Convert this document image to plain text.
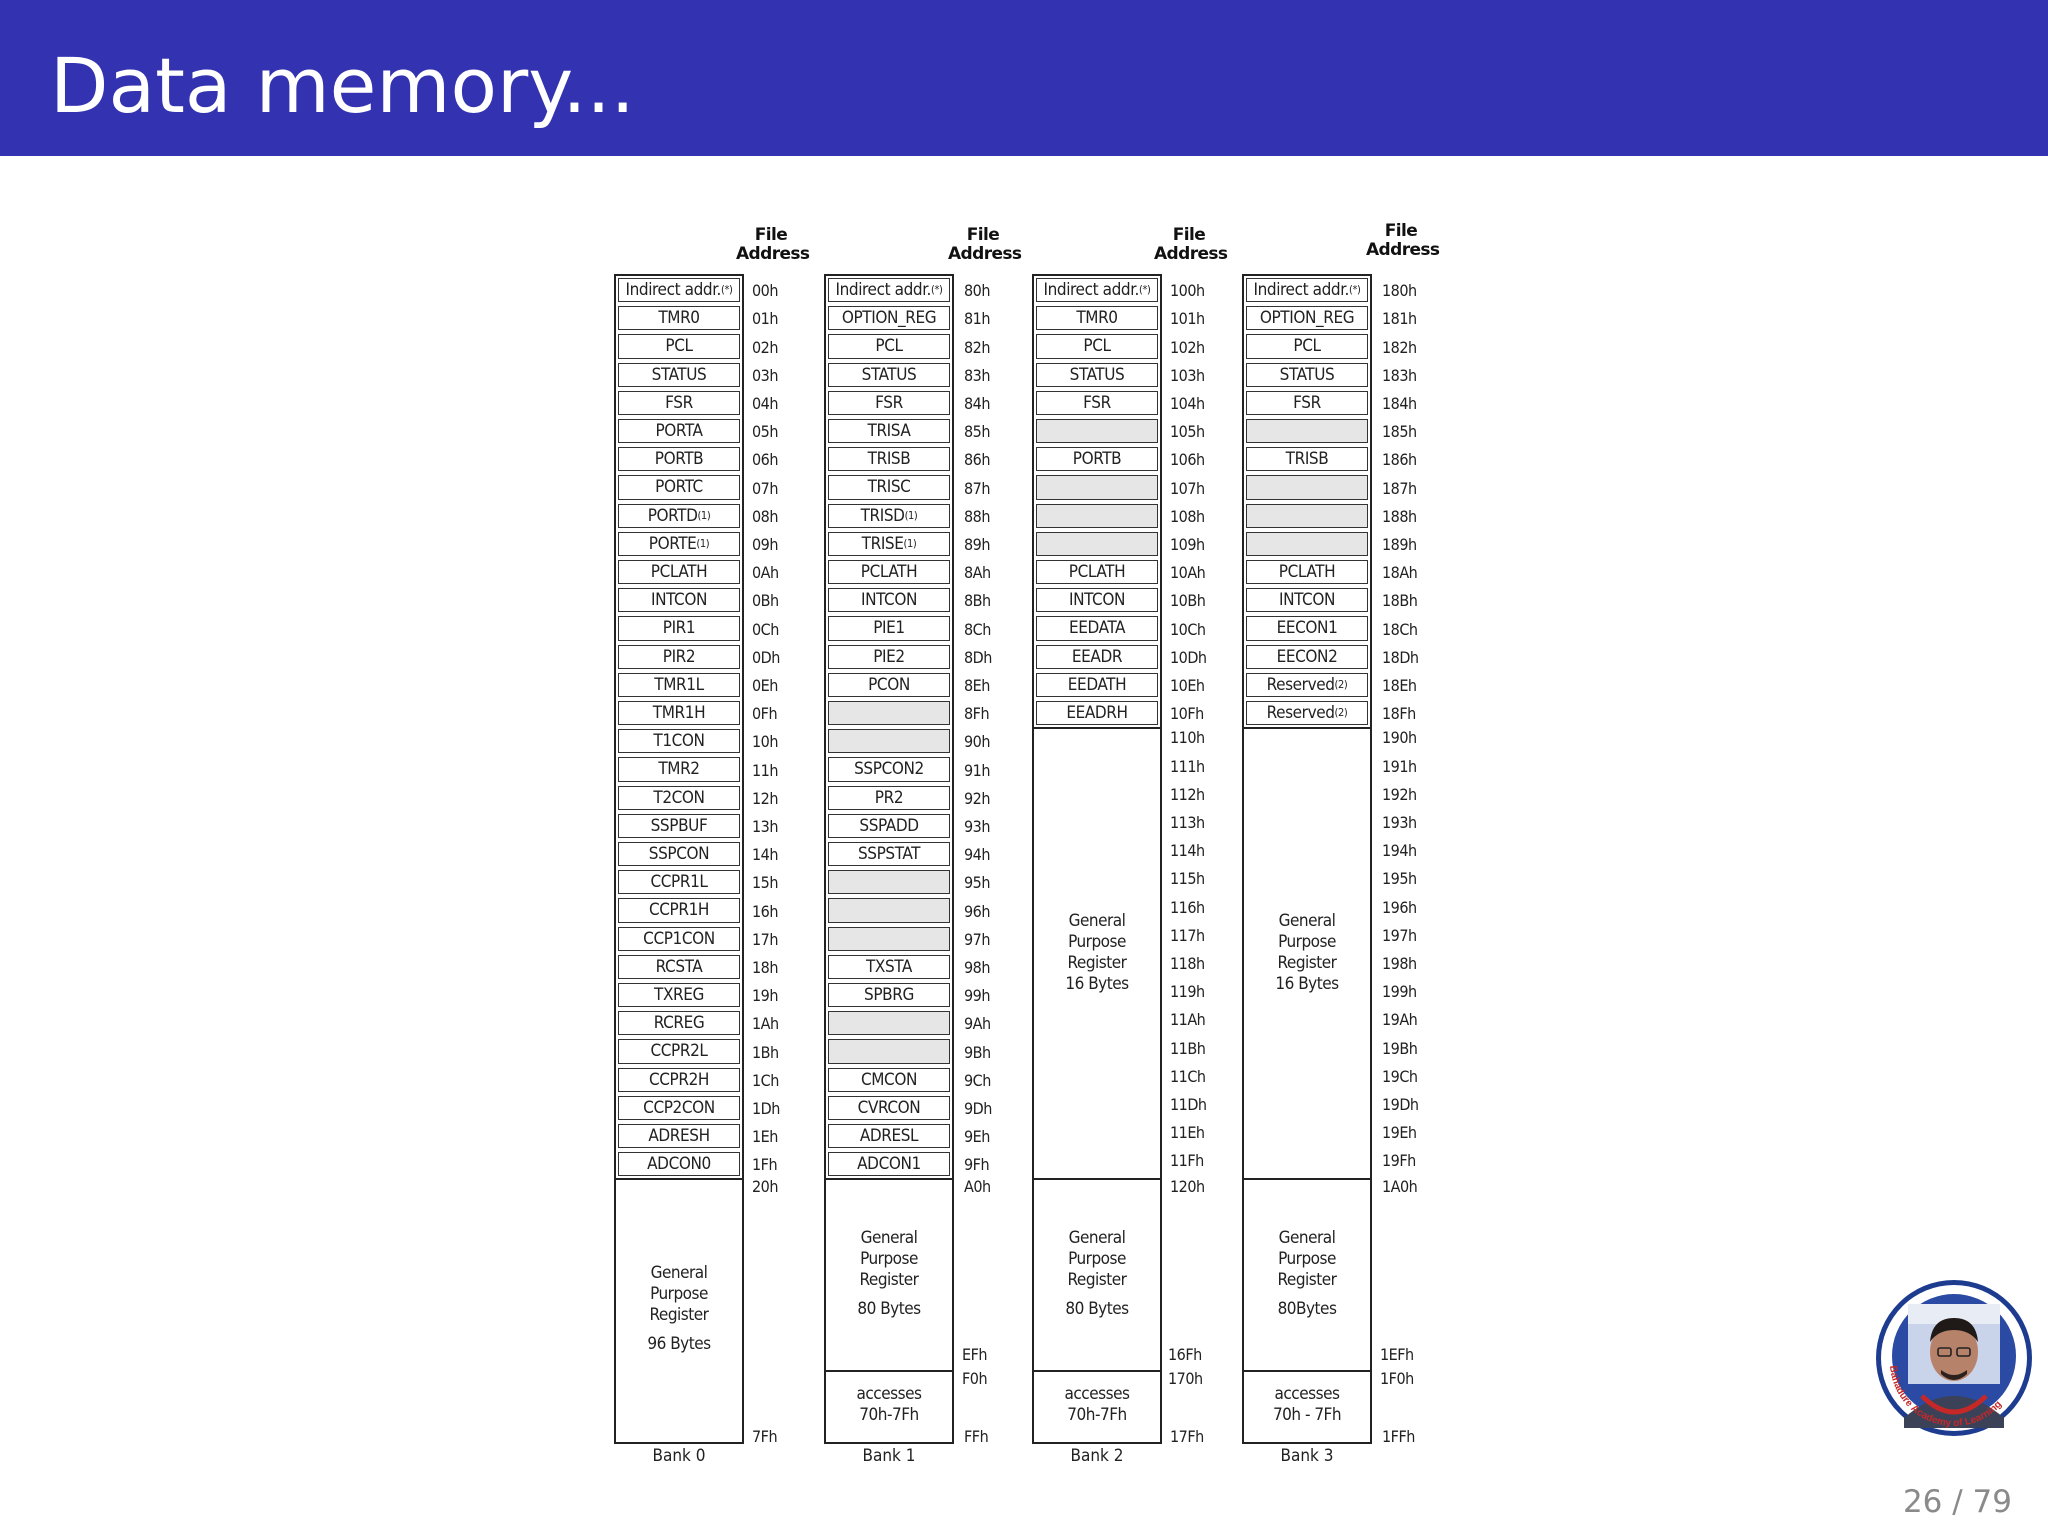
Data memory...
File
Address
Indirect addr. (*)
TMR0
PCL
STATUS
FSR
PORTA
PORTB
PORTC
PORTD (1)
PORTE (1)
PCLATH
INTCON
PIR1
PIR2
TMR1L
TMR1H
T1CON
TMR2
T2CON
SSPBUF
SSPCON
CCPR1L
CCPR1H
CCP1CON
RCSTA
TXREG
RCREG
CCPR2L
CCPR2H
CCP2CON
ADRESH
ADCON0
General
Purpose
Register
96 Bytes
00h
01h
02h
03h
04h
05h
06h
07h
08h
09h
0Ah
0Bh
0Ch
0Dh
0Eh
0Fh
10h
11h
12h
13h
14h
15h
16h
17h
18h
19h
1Ah
1Bh
1Ch
1Dh
1Eh
1Fh
20h
7Fh
Bank 0
File
Address
Indirect addr. (*)
OPTION_REG
PCL
STATUS
FSR
TRISA
TRISB
TRISC
TRISD (1)
TRISE (1)
PCLATH
INTCON
PIE1
PIE2
PCON
SSPCON2
PR2
SSPADD
SSPSTAT
TXSTA
SPBRG
CMCON
CVRCON
ADRESL
ADCON1
General
Purpose
Register
80 Bytes
accesses
70h-7Fh
80h
81h
82h
83h
84h
85h
86h
87h
88h
89h
8Ah
8Bh
8Ch
8Dh
8Eh
8Fh
90h
91h
92h
93h
94h
95h
96h
97h
98h
99h
9Ah
9Bh
9Ch
9Dh
9Eh
9Fh
A0h
EFh
F0h
FFh
Bank 1
File
Address
Indirect addr. (*)
TMR0
PCL
STATUS
FSR
PORTB
PCLATH
INTCON
EEDATA
EEADR
EEDATH
EEADRH
General
Purpose
Register
16 Bytes
General
Purpose
Register
80 Bytes
accesses
70h-7Fh
100h
101h
102h
103h
104h
105h
106h
107h
108h
109h
10Ah
10Bh
10Ch
10Dh
10Eh
10Fh
110h
111h
112h
113h
114h
115h
116h
117h
118h
119h
11Ah
11Bh
11Ch
11Dh
11Eh
11Fh
120h
16Fh
170h
17Fh
Bank 2
File
Address
Indirect addr. (*)
OPTION_REG
PCL
STATUS
FSR
TRISB
PCLATH
INTCON
EECON1
EECON2
Reserved (2)
Reserved (2)
General
Purpose
Register
16 Bytes
General
Purpose
Register
80Bytes
accesses
70h - 7Fh
180h
181h
182h
183h
184h
185h
186h
187h
188h
189h
18Ah
18Bh
18Ch
18Dh
18Eh
18Fh
190h
191h
192h
193h
194h
195h
196h
197h
198h
199h
19Ah
19Bh
19Ch
19Dh
19Eh
19Fh
1A0h
1EFh
1F0h
1FFh
Bank 3
Bahadure Academy of Learning
26 / 79
